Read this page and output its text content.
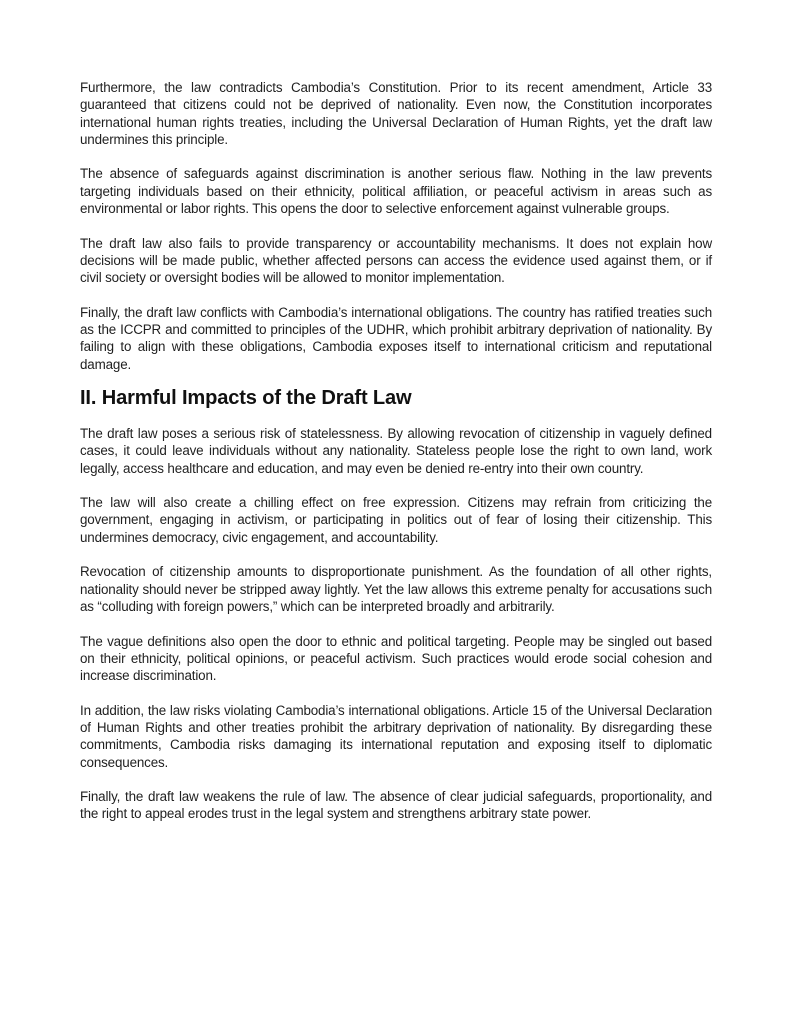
Furthermore, the law contradicts Cambodia’s Constitution. Prior to its recent amendment, Article 33 guaranteed that citizens could not be deprived of nationality. Even now, the Constitution incorporates international human rights treaties, including the Universal Declaration of Human Rights, yet the draft law undermines this principle.

The absence of safeguards against discrimination is another serious flaw. Nothing in the law prevents targeting individuals based on their ethnicity, political affiliation, or peaceful activism in areas such as environmental or labor rights. This opens the door to selective enforcement against vulnerable groups.

The draft law also fails to provide transparency or accountability mechanisms. It does not explain how decisions will be made public, whether affected persons can access the evidence used against them, or if civil society or oversight bodies will be allowed to monitor implementation.

Finally, the draft law conflicts with Cambodia’s international obligations. The country has ratified treaties such as the ICCPR and committed to principles of the UDHR, which prohibit arbitrary deprivation of nationality. By failing to align with these obligations, Cambodia exposes itself to international criticism and reputational damage.

II. Harmful Impacts of the Draft Law

The draft law poses a serious risk of statelessness. By allowing revocation of citizenship in vaguely defined cases, it could leave individuals without any nationality. Stateless people lose the right to own land, work legally, access healthcare and education, and may even be denied re-entry into their own country.

The law will also create a chilling effect on free expression. Citizens may refrain from criticizing the government, engaging in activism, or participating in politics out of fear of losing their citizenship. This undermines democracy, civic engagement, and accountability.

Revocation of citizenship amounts to disproportionate punishment. As the foundation of all other rights, nationality should never be stripped away lightly. Yet the law allows this extreme penalty for accusations such as “colluding with foreign powers,” which can be interpreted broadly and arbitrarily.

The vague definitions also open the door to ethnic and political targeting. People may be singled out based on their ethnicity, political opinions, or peaceful activism. Such practices would erode social cohesion and increase discrimination.

In addition, the law risks violating Cambodia’s international obligations. Article 15 of the Universal Declaration of Human Rights and other treaties prohibit the arbitrary deprivation of nationality. By disregarding these commitments, Cambodia risks damaging its international reputation and exposing itself to diplomatic consequences.

Finally, the draft law weakens the rule of law. The absence of clear judicial safeguards, proportionality, and the right to appeal erodes trust in the legal system and strengthens arbitrary state power.
